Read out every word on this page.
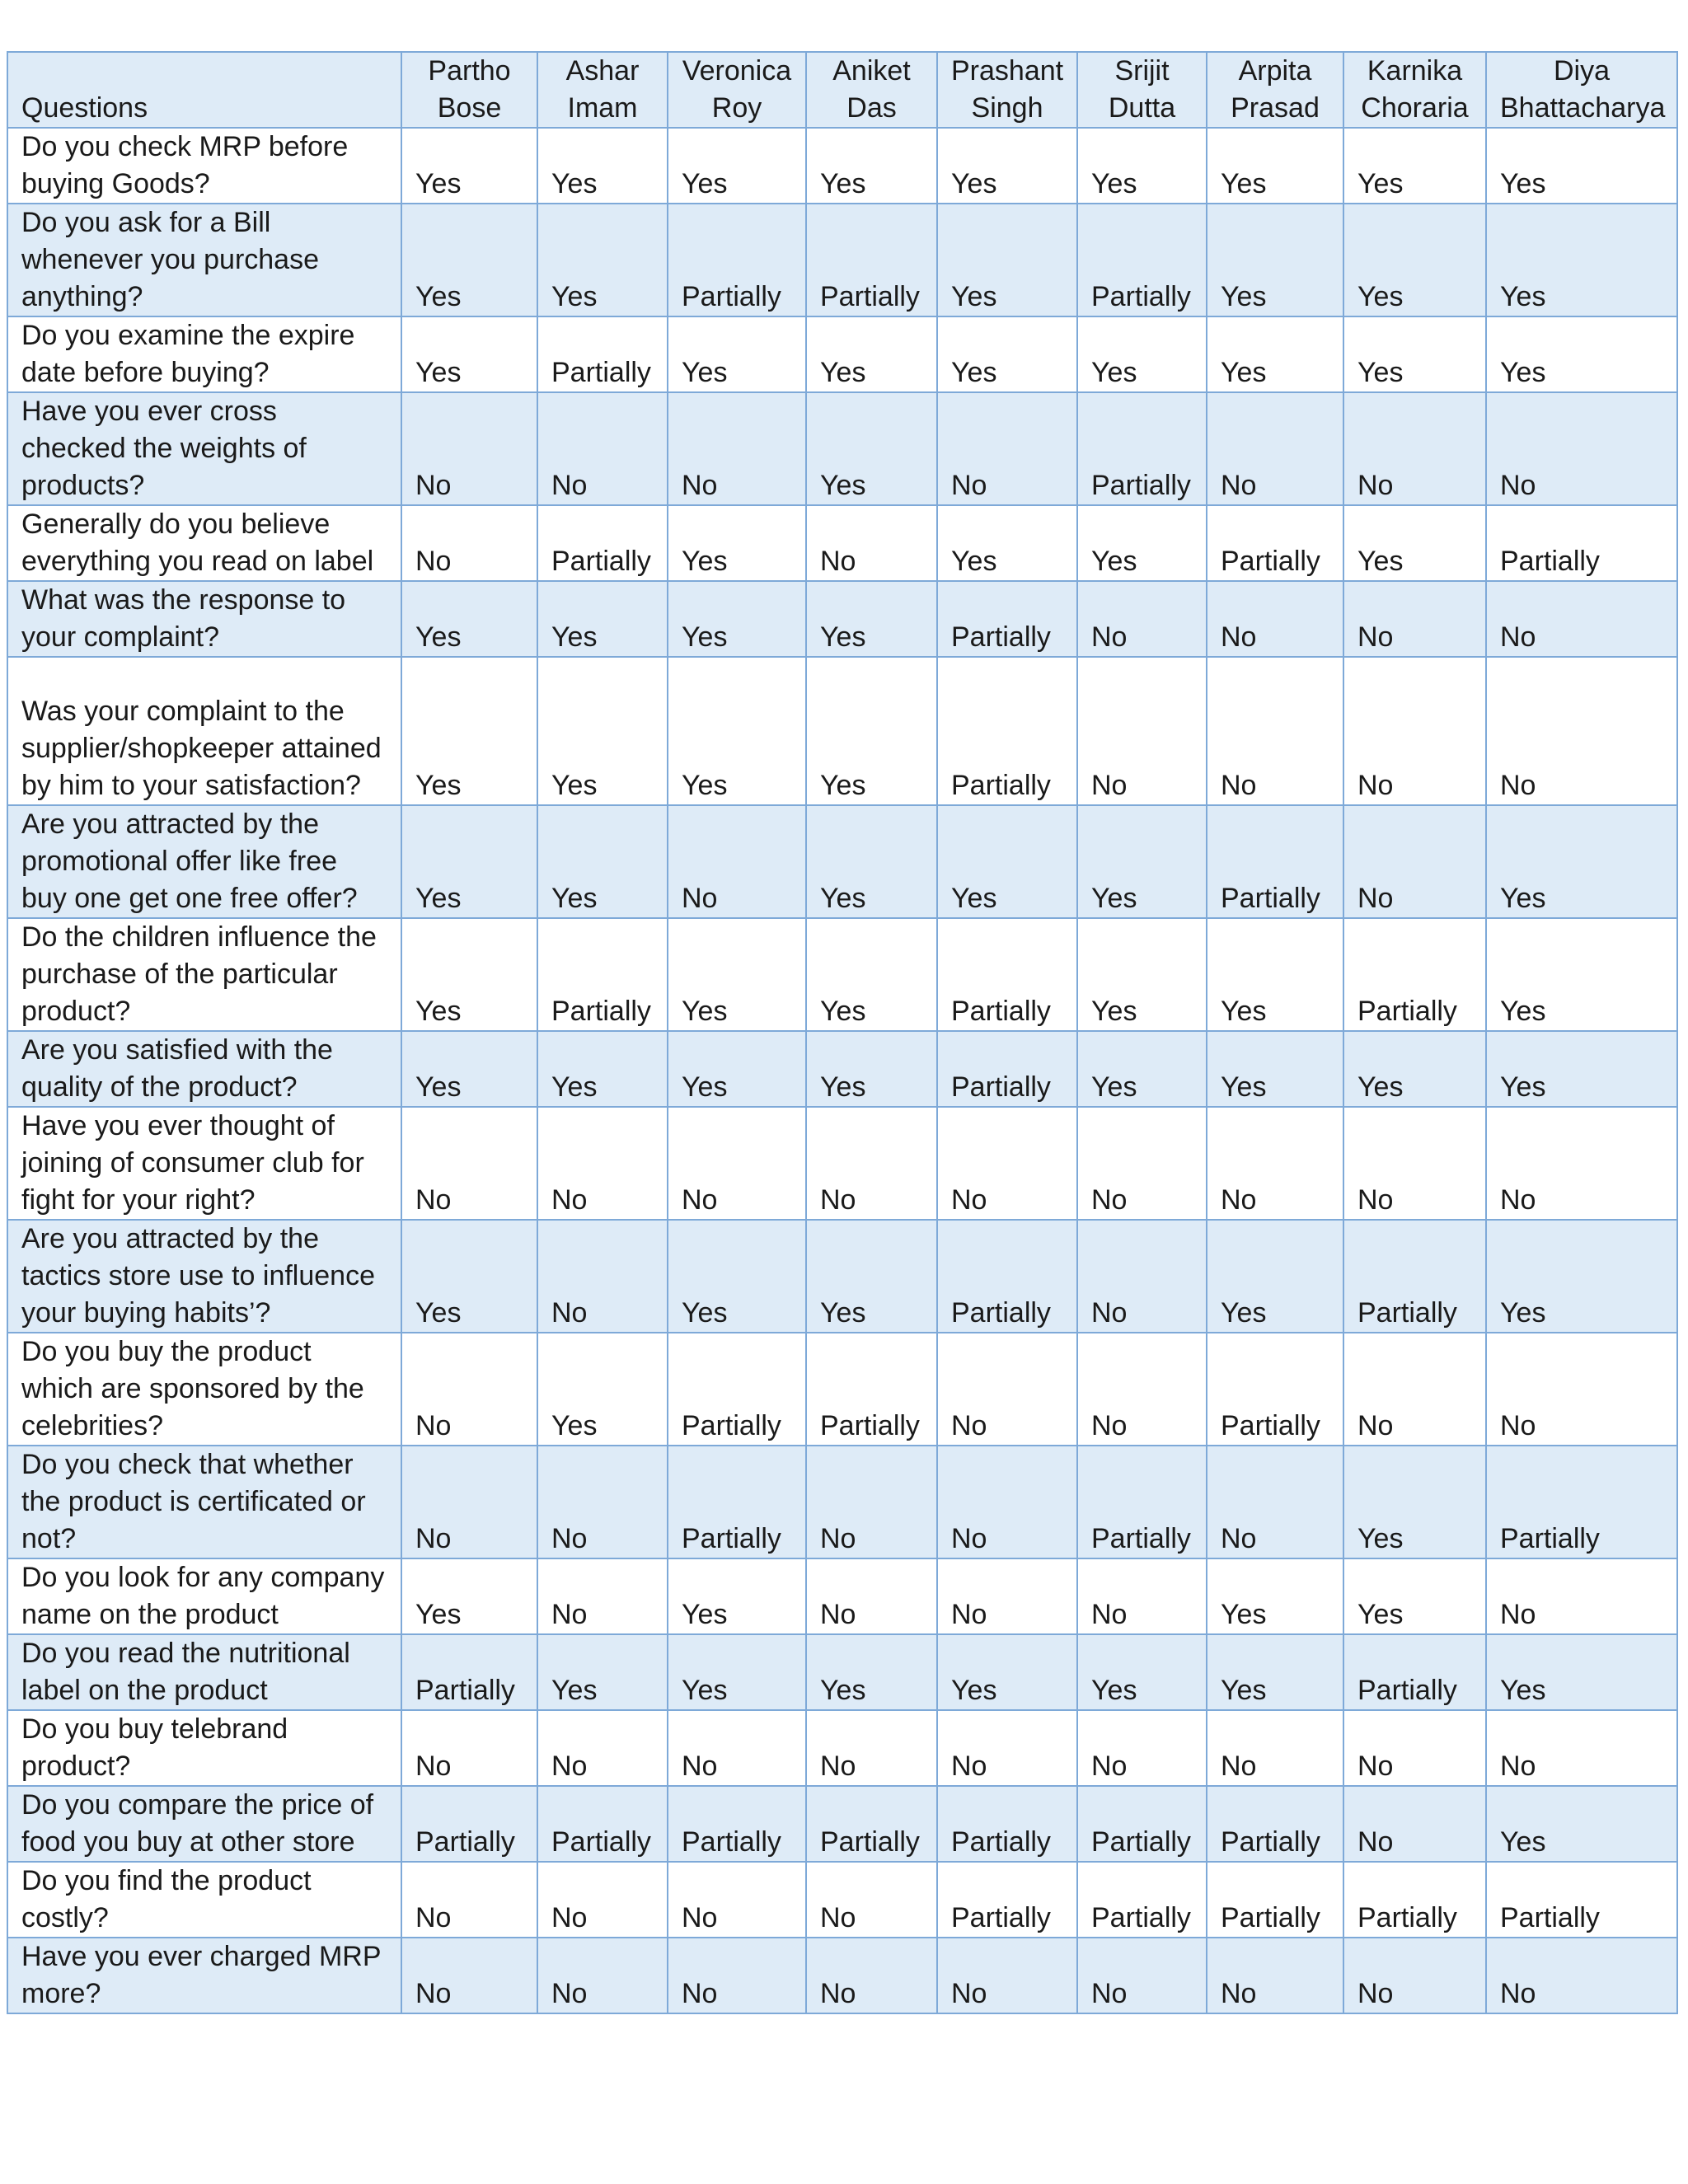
Questions	Partho Bose	Ashar Imam	Veronica Roy	Aniket Das	Prashant Singh	Srijit Dutta	Arpita Prasad	Karnika Choraria	Diya Bhattacharya
Do you check MRP before buying Goods?	Yes	Yes	Yes	Yes	Yes	Yes	Yes	Yes	Yes
Do you ask for a Bill whenever you purchase anything?	Yes	Yes	Partially	Partially	Yes	Partially	Yes	Yes	Yes
Do you examine the expire date before buying?	Yes	Partially	Yes	Yes	Yes	Yes	Yes	Yes	Yes
Have you ever cross checked the weights of products?	No	No	No	Yes	No	Partially	No	No	No
Generally do you believe everything you read on label	No	Partially	Yes	No	Yes	Yes	Partially	Yes	Partially
What was the response to your complaint?	Yes	Yes	Yes	Yes	Partially	No	No	No	No
Was your complaint to the supplier/shopkeeper attained by him to your satisfaction?	Yes	Yes	Yes	Yes	Partially	No	No	No	No
Are you attracted by the promotional offer like free buy one get one free offer?	Yes	Yes	No	Yes	Yes	Yes	Partially	No	Yes
Do the children influence the purchase of the particular product?	Yes	Partially	Yes	Yes	Partially	Yes	Yes	Partially	Yes
Are you satisfied with the quality of the product?	Yes	Yes	Yes	Yes	Partially	Yes	Yes	Yes	Yes
Have you ever thought of joining of consumer club for fight for your right?	No	No	No	No	No	No	No	No	No
Are you attracted by the tactics store use to influence your buying habits’?	Yes	No	Yes	Yes	Partially	No	Yes	Partially	Yes
Do you buy the product which are sponsored by the celebrities?	No	Yes	Partially	Partially	No	No	Partially	No	No
Do you check that whether the product is certificated or not?	No	No	Partially	No	No	Partially	No	Yes	Partially
Do you look for any company name on the product	Yes	No	Yes	No	No	No	Yes	Yes	No
Do you read the nutritional label on the product	Partially	Yes	Yes	Yes	Yes	Yes	Yes	Partially	Yes
Do you buy telebrand product?	No	No	No	No	No	No	No	No	No
Do you compare the price of food you buy at other store	Partially	Partially	Partially	Partially	Partially	Partially	Partially	No	Yes
Do you find the product costly?	No	No	No	No	Partially	Partially	Partially	Partially	Partially
Have you ever charged MRP more?	No	No	No	No	No	No	No	No	No
